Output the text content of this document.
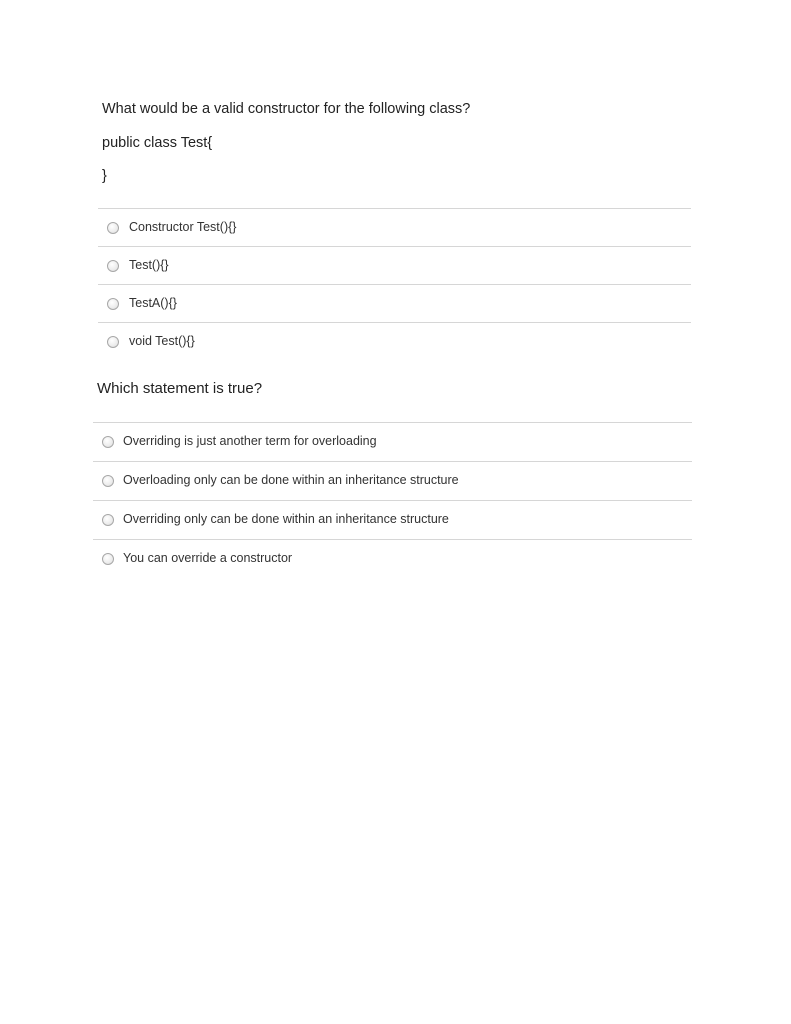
What would be a valid constructor for the following class?
public class Test{
}
Constructor Test(){}
Test(){}
TestA(){}
void Test(){}
Which statement is true?
Overriding is just another term for overloading
Overloading only can be done within an inheritance structure
Overriding only can be done within an inheritance structure
You can override a constructor
